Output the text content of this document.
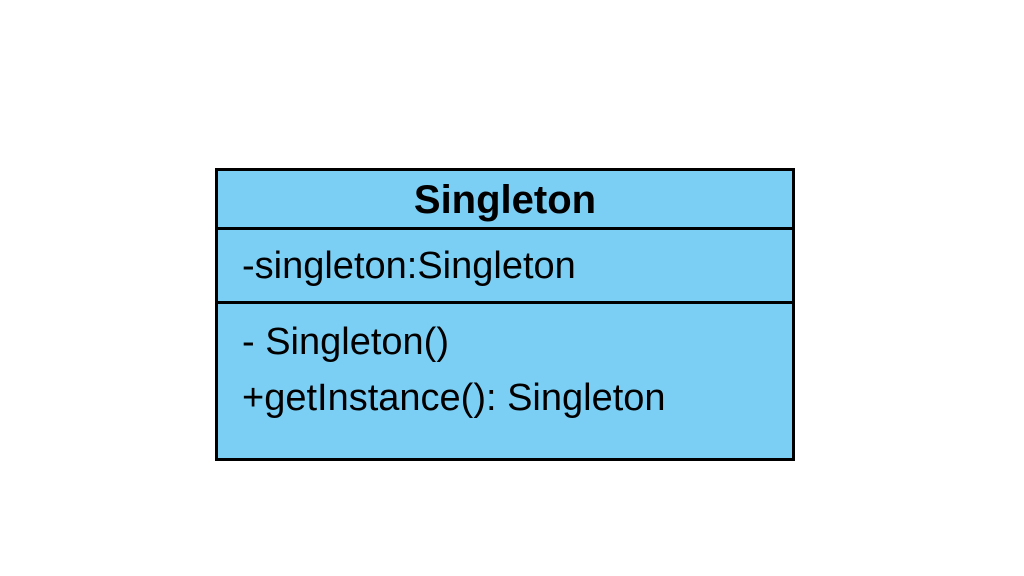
Singleton
-singleton:Singleton
- Singleton()
+getInstance(): Singleton
